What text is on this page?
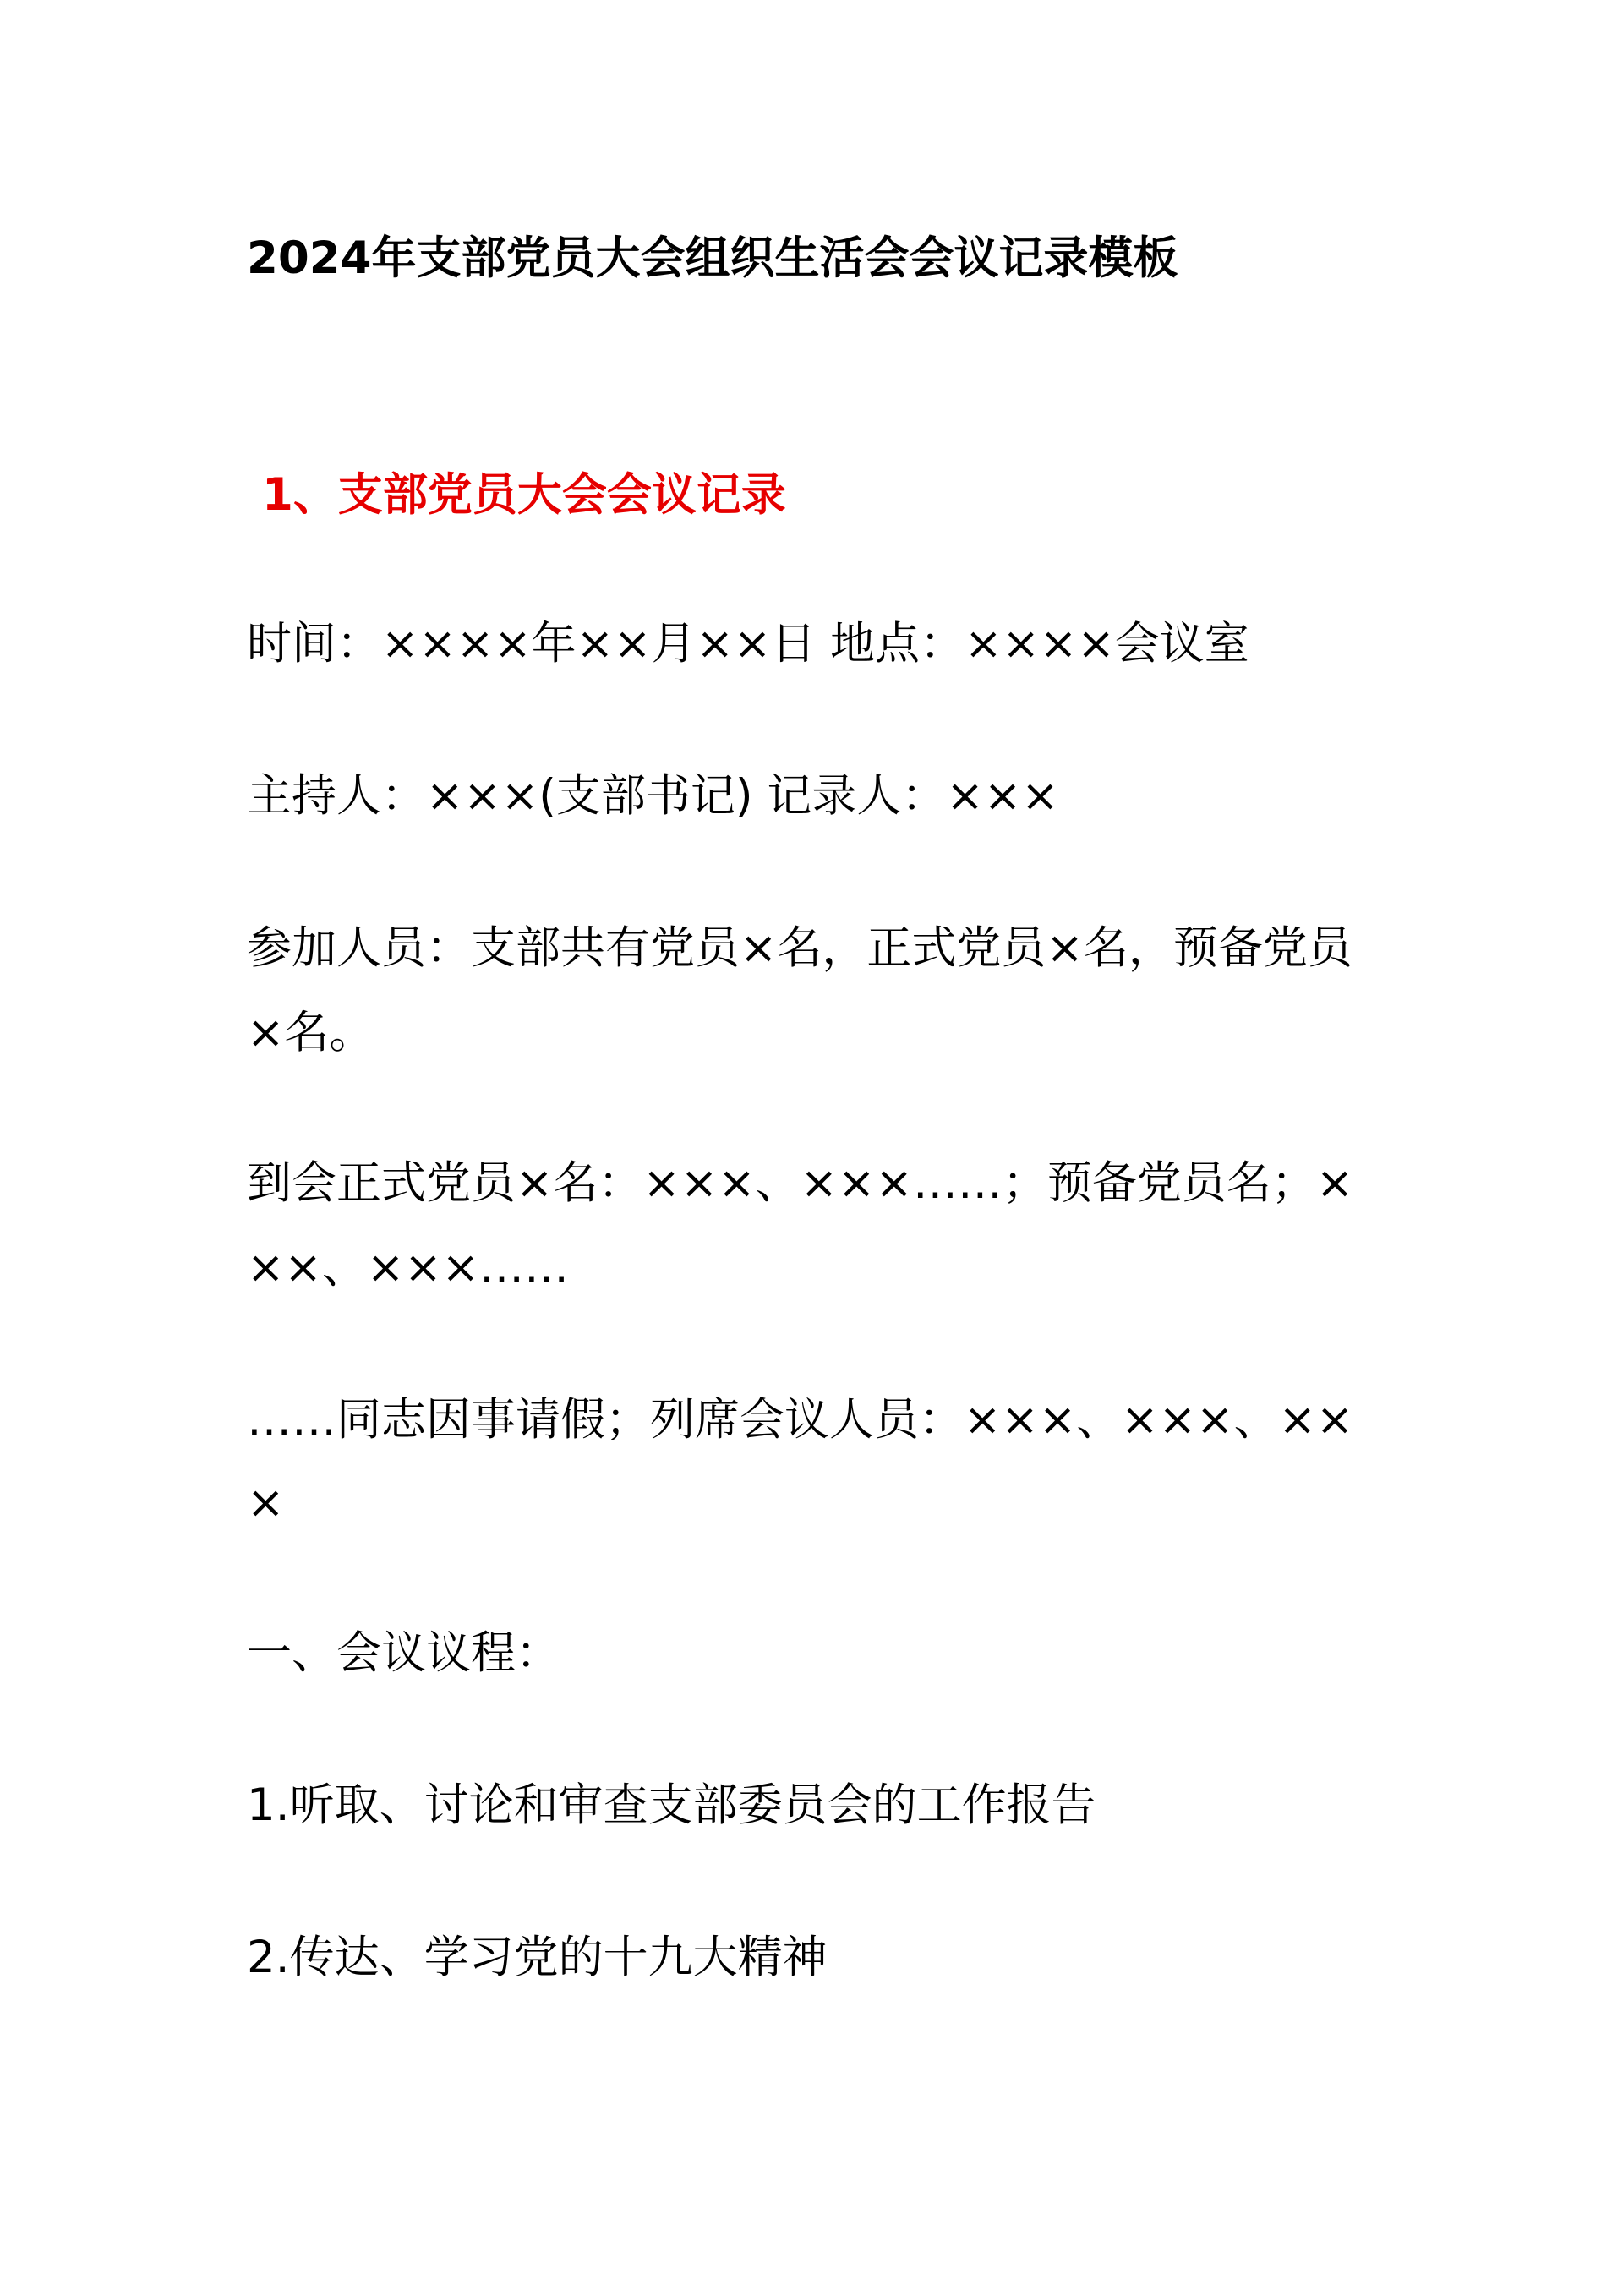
2024年支部党员大会组织生活会会议记录模板
1、支部党员大会会议记录
时间：××××年××月××日 地点：××××会议室
主持人：×××(支部书记) 记录人：×××
参加人员：支部共有党员×名，正式党员×名，预备党员
×名。
到会正式党员×名：×××、×××……；预备党员名；×
××、×××……
……同志因事请假；列席会议人员：×××、×××、××
×
一、会议议程：
1.听取、讨论和审查支部委员会的工作报告
2.传达、学习党的十九大精神
